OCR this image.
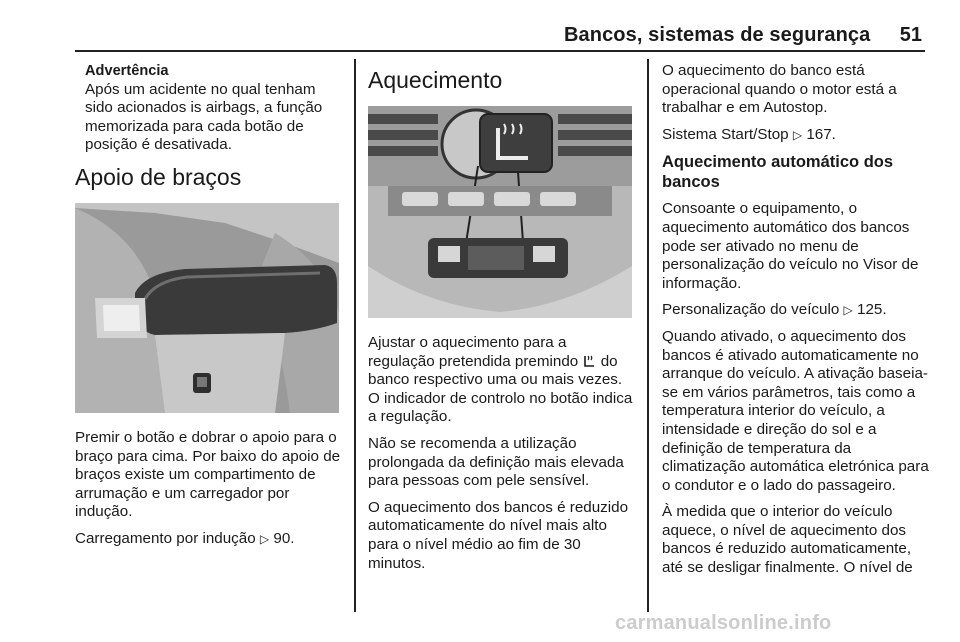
Bancos, sistemas de segurança	51
Advertência
Após um acidente no qual tenham sido acionados is airbags, a função memorizada para cada botão de posição é desativada.
Apoio de braços

Premir o botão e dobrar o apoio para o braço para cima. Por baixo do apoio de braços existe um compartimento de arrumação e um carregador por indução.

Carregamento por indução ▷ 90.

Aquecimento

Ajustar o aquecimento para a regulação pretendida premindo do banco respectivo uma ou mais vezes. O indicador de controlo no botão indica a regulação.

Não se recomenda a utilização prolongada da definição mais elevada para pessoas com pele sensível.

O aquecimento dos bancos é reduzido automaticamente do nível mais alto para o nível médio ao fim de 30 minutos.

O aquecimento do banco está operacional quando o motor está a trabalhar e em Autostop.

Sistema Start/Stop ▷ 167.

Aquecimento automático dos bancos

Consoante o equipamento, o aquecimento automático dos bancos pode ser ativado no menu de personalização do veículo no Visor de informação.

Personalização do veículo ▷ 125.

Quando ativado, o aquecimento dos bancos é ativado automaticamente no arranque do veículo. A ativação baseia-se em vários parâmetros, tais como a temperatura interior do veículo, a intensidade e direção do sol e a definição de temperatura da climatização automática eletrónica para o condutor e o lado do passageiro.

À medida que o interior do veículo aquece, o nível de aquecimento dos bancos é reduzido automaticamente, até se desligar finalmente. O nível de

carmanualsonline.info
